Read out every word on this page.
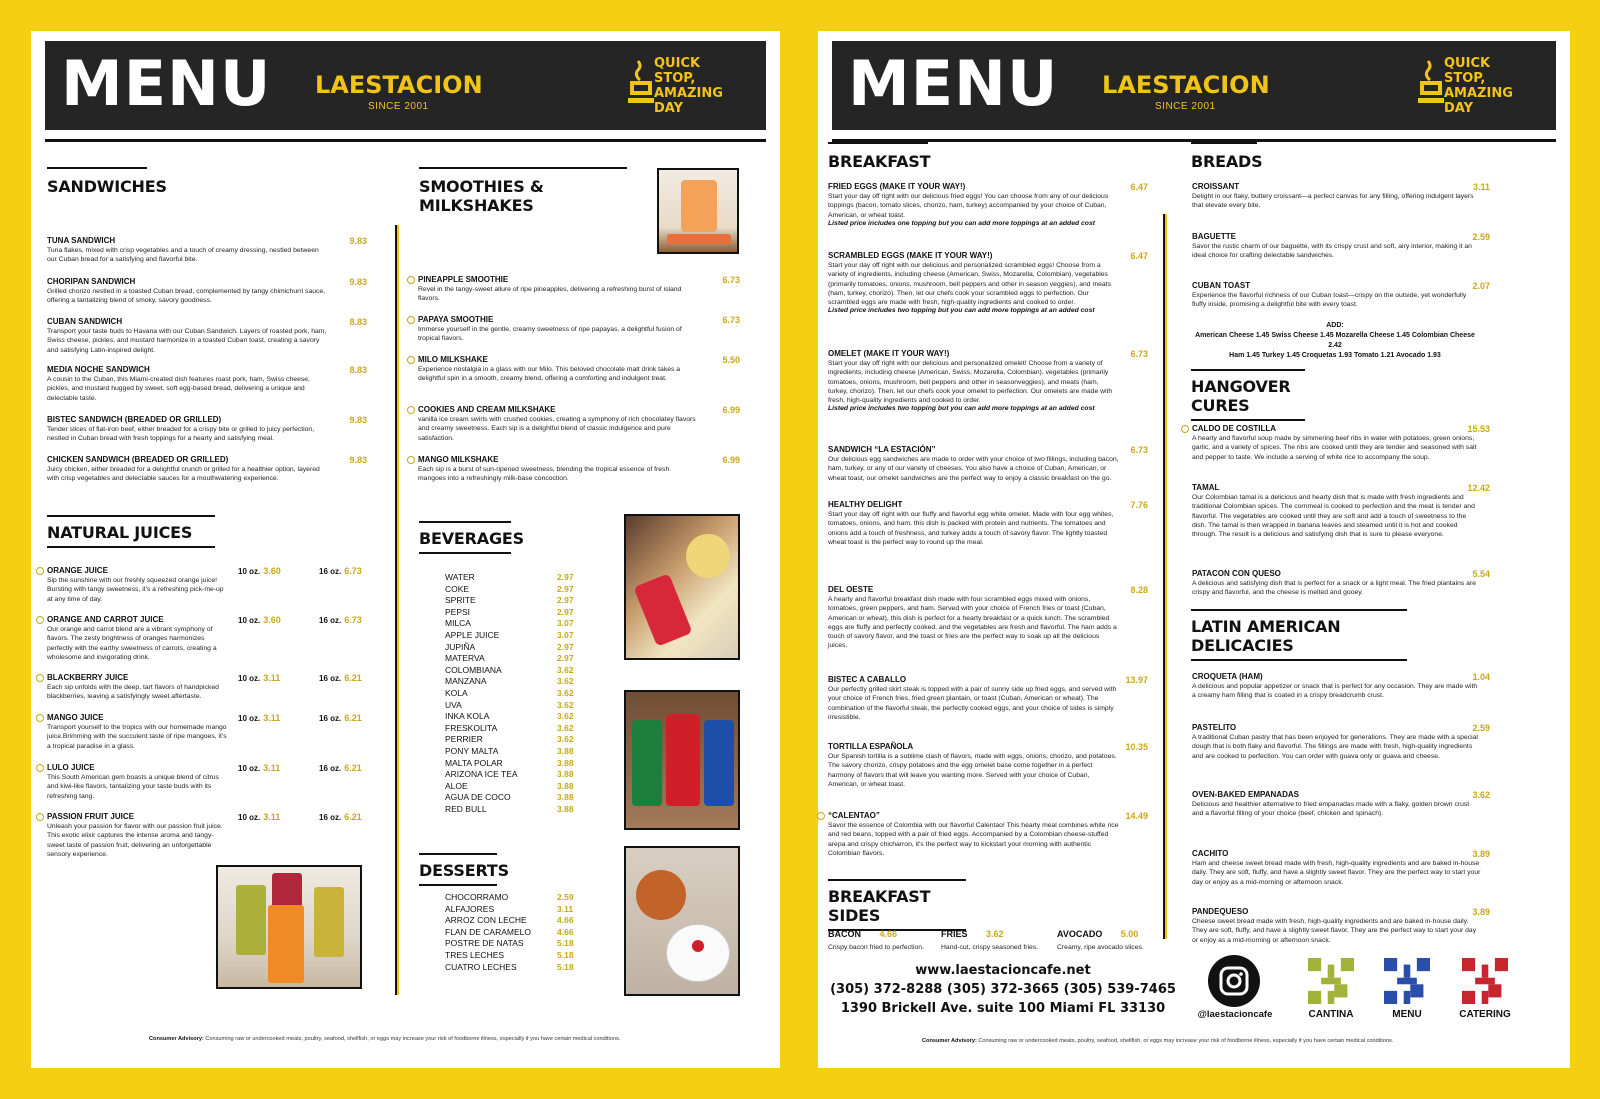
MENU LAESTACION
SINCE 2001
QUICK
STOP,
AMAZING
DAY
SANDWICHES
NATURAL JUICES
SMOOTHIES & MILKSHAKES
BEVERAGES
WATER	2.97
COKE	2.97
SPRITE	2.97
PEPSI	2.97
MILCA	3.07
APPLE JUICE	3.07
JUPIÑA	2.97
MATERVA	2.97
COLOMBIANA	3.62
MANZANA	3.62
KOLA	3.62
UVA	3.62
INKA KOLA	3.62
FRESKOLITA	3.62
PERRIER	3.62
PONY MALTA	3.88
MALTA POLAR	3.88
ARIZONA ICE TEA	3.88
ALOE	3.88
AGUA DE COCO	3.88
RED BULL	3.88
DESSERTS
CHOCORRAMO	2.59
ALFAJORES	3.11
ARROZ CON LECHE	4.66
FLAN DE CARAMELO	4.66
POSTRE DE NATAS	5.18
TRES LECHES	5.18
CUATRO LECHES	5.18
Consumer Advisory: Consuming raw or undercooked meats, poultry, seafood, shellfish, or eggs may increase your risk of foodborne illness, especially if you have certain medical conditions.
TUNA SANDWICH	9.83
Tuna flakes, mixed with crisp vegetables and a touch of creamy dressing, nestled between our Cuban bread for a satisfying and flavorful bite.
CHORIPAN SANDWICH	9.83
Grilled chorizo nestled in a toasted Cuban bread, complemented by tangy chimichurri sauce, offering a tantalizing blend of smoky, savory goodness.
CUBAN SANDWICH	8.83
Transport your taste buds to Havana with our Cuban Sandwich. Layers of roasted pork, ham, Swiss cheese, pickles, and mustard harmonize in a toasted Cuban toast, creating a savory and satisfying Latin-inspired delight.
MEDIA NOCHE SANDWICH	8.83
A cousin to the Cuban, this Miami-created dish features roast pork, ham, Swiss cheese, pickles, and mustard hugged by sweet, soft egg-based bread, delivering a unique and delectable taste.
BISTEC SANDWICH (BREADED OR GRILLED)	9.83
Tender slices of flat-iron beef, either breaded for a crispy bite or grilled to juicy perfection, nestled in Cuban bread with fresh toppings for a hearty and satisfying meal.
CHICKEN SANDWICH (BREADED OR GRILLED)	9.83
Juicy chicken, either breaded for a delightful crunch or grilled for a healthier option, layered with crisp vegetables and delectable sauces for a mouthwatering experience.
ORANGE JUICE
Sip the sunshine with our freshly squeezed orange juice! Bursting with tangy sweetness, it's a refreshing pick-me-up at any time of day.
10 oz. 3.60	16 oz. 6.73
ORANGE AND CARROT JUICE
Our orange and carrot blend are a vibrant symphony of flavors. The zesty brightness of oranges harmonizes perfectly with the earthy sweetness of carrots, creating a wholesome and invigorating drink.
10 oz. 3.60	16 oz. 6.73
BLACKBERRY JUICE
Each sip unfolds with the deep, tart flavors of handpicked blackberries, leaving a satisfyingly sweet aftertaste.
10 oz. 3.11	16 oz. 6.21
MANGO JUICE
Transport yourself to the tropics with our homemade mango juice.Brimming with the succulent taste of ripe mangoes, it's a tropical paradise in a glass.
10 oz. 3.11	16 oz. 6.21
LULO JUICE
This South American gem boasts a unique blend of citrus and kiwi-like flavors, tantalizing your taste buds with its refreshing tang.
10 oz. 3.11	16 oz. 6.21
PASSION FRUIT JUICE
Unleash your passion for flavor with our passion fruit juice. This exotic elixir captures the intense aroma and tangy-sweet taste of passion fruit, delivering an unforgettable sensory experience.
10 oz. 3.11	16 oz. 6.21
PINEAPPLE SMOOTHIE	6.73
Revel in the tangy-sweet allure of ripe pineapples, delivering a refreshing burst of island flavors.
PAPAYA SMOOTHIE	6.73
Immerse yourself in the gentle, creamy sweetness of ripe papayas, a delightful fusion of tropical flavors.
MILO MILKSHAKE	5.50
Experience nostalgia in a glass with our Milo. This beloved chocolate malt drink takes a delightful spin in a smooth, creamy blend, offering a comforting and indulgent treat.
COOKIES AND CREAM MILKSHAKE	6.99
vanilla ice cream swirls with crushed cookies, creating a symphony of rich chocolatey flavors and creamy sweetness. Each sip is a delightful blend of classic indulgence and pure satisfaction.
MANGO MILKSHAKE	6.99
Each sip is a burst of sun-ripened sweetness, blending the tropical essence of fresh mangoes into a refreshingly milk-base concoction.
MENU LAESTACION
SINCE 2001
QUICK
STOP,
AMAZING
DAY
BREAKFAST
BREAKFAST SIDES
www.laestacioncafe.net
(305) 372-8288 (305) 372-3665 (305) 539-7465
1390 Brickell Ave. suite 100 Miami FL 33130
BREADS
ADD:
American Cheese 1.45 Swiss Cheese 1.45 Mozarella Cheese 1.45 Colombian Cheese 2.42
Ham 1.45 Turkey 1.45 Croquetas 1.93 Tomato 1.21 Avocado 1.93
HANGOVER CURES
LATIN AMERICAN DELICACIES
@laestacioncafe	CANTINA	MENU	CATERING
Consumer Advisory: Consuming raw or undercooked meats, poultry, seafood, shellfish, or eggs may increase your risk of foodborne illness, especially if you have certain medical conditions.
FRIED EGGS (MAKE IT YOUR WAY!)	6.47
Start your day off right with our delicious fried eggs! You can choose from any of our delicious toppings (bacon, tomato slices, chorizo, ham, turkey) accompanied by your choice of Cuban, American, or wheat toast.
Listed price includes one topping but you can add more toppings at an added cost
SCRAMBLED EGGS (MAKE IT YOUR WAY!)	6.47
Start your day off right with our delicious and personalized scrambled eggs! Choose from a variety of ingredients, including cheese (American, Swiss, Mozarella, Colombian), vegetables (primarily tomatoes, onions, mushroom, bell peppers and other in season veggies), and meats (ham, turkey, chorizo). Then, let our chefs cook your scrambled eggs to perfection. Our scrambled eggs are made with fresh, high-quality ingredients and cooked to order.
Listed price includes two topping but you can add more toppings at an added cost
OMELET (MAKE IT YOUR WAY!)	6.73
Start your day off right with our delicious and personalized omelet! Choose from a variety of ingredients, including cheese (American, Swiss, Mozarella, Colombian), vegetables (primarily tomatoes, onions, mushroom, bell peppers and other in seasonveggies), and meats (ham, turkey, chorizo). Then, let our chefs cook your omelet to perfection. Our omelets are made with fresh, high-quality ingredients and cooked to order.
Listed price includes two topping but you can add more toppings at an added cost
SANDWICH “LA ESTACIÓN”	6.73
Our delicious egg sandwiches are made to order with your choice of two fillings, including bacon, ham, turkey, or any of our variety of cheeses. You also have a choice of Cuban, American, or wheat toast, our omelet sandwiches are the perfect way to enjoy a classic breakfast on the go.
HEALTHY DELIGHT	7.76
Start your day off right with our fluffy and flavorful egg white omelet. Made with four egg whites, tomatoes, onions, and ham, this dish is packed with protein and nutrients. The tomatoes and onions add a touch of freshness, and turkey adds a touch of savory flavor. The lightly toasted wheat toast is the perfect way to round up the meal.
DEL OESTE	8.28
A hearty and flavorful breakfast dish made with four scrambled eggs mixed with onions, tomatoes, green peppers, and ham. Served with your choice of French fries or toast (Cuban, American or wheat), this dish is perfect for a hearty breakfast or a quick lunch. The scrambled eggs are fluffy and perfectly cooked, and the vegetables are fresh and flavorful. The ham adds a touch of savory flavor, and the toast or fries are the perfect way to soak up all the delicious juices.
BISTEC A CABALLO	13.97
Our perfectly grilled skirt steak is topped with a pair of sunny side up fried eggs, and served with your choice of French fries, fried green plantain, or toast (Cuban, American or wheat). The combination of the flavorful steak, the perfectly cooked eggs, and your choice of sides is simply irresistible.
TORTILLA ESPAÑOLA	10.35
Our Spanish tortilla is a sublime clash of flavors, made with eggs, onions, chorizo, and potatoes. The savory chorizo, crispy potatoes and the egg omelet base come together in a perfect harmony of flavors that will leave you wanting more. Served with your choice of Cuban, American, or wheat toast.
“CALENTAO”	14.49
Savor the essence of Colombia with our flavorful Calentao! This hearty meal combines white rice and red beans, topped with a pair of fried eggs. Accompanied by a Colombian cheese-stuffed arepa and crispy chicharron, it's the perfect way to kickstart your morning with authentic Colombian flavors.
BACON 4.66
Crispy bacon fried to perfection.
FRIES 3.62
Hand-cut, crispy seasoned fries.
AVOCADO 5.00
Creamy, ripe avocado slices.
CROISSANT	3.11
Delight in our flaky, buttery croissant—a perfect canvas for any filling, offering indulgent layers that elevate every bite.
BAGUETTE	2.59
Savor the rustic charm of our baguette, with its crispy crust and soft, airy interior, making it an ideal choice for crafting delectable sandwiches.
CUBAN TOAST	2.07
Experience the flavorful richness of our Cuban toast—crispy on the outside, yet wonderfully fluffy inside, promising a delightful bite with every toast.
CALDO DE COSTILLA	15.53
A hearty and flavorful soup made by simmering beef ribs in water with potatoes, green onions, garlic, and a variety of spices. The ribs are cooked until they are tender and seasoned with salt and pepper to taste. We include a serving of white rice to accompany the soup.
TAMAL	12.42
Our Colombian tamal is a delicious and hearty dish that is made with fresh ingredients and traditional Colombian spices. The cornmeal is cooked to perfection and the meat is tender and flavorful. The vegetables are cooked until they are soft and add a touch of sweetness to the dish. The tamal is then wrapped in banana leaves and steamed until it is hot and cooked through. The result is a delicious and satisfying dish that is sure to please everyone.
PATACON CON QUESO	5.54
A delicious and satisfying dish that is perfect for a snack or a light meal. The fried plantains are crispy and flavorful, and the cheese is melted and gooey.
CROQUETA (HAM)	1.04
A delicious and popular appetizer or snack that is perfect for any occasion. They are made with a creamy ham filling that is coated in a crispy breadcrumb crust.
PASTELITO	2.59
A traditional Cuban pastry that has been enjoyed for generations. They are made with a special dough that is both flaky and flavorful. The fillings are made with fresh, high-quality ingredients and are cooked to perfection. You can order with guava only or guava and cheese.
OVEN-BAKED EMPANADAS	3.62
Delicious and healthier alternative to fried empanadas made with a flaky, golden brown crust and a flavorful filling of your choice (beef, chicken and spinach).
CACHITO	3.89
Ham and cheese sweet bread made with fresh, high-quality ingredients and are baked in-house daily. They are soft, fluffy, and have a slightly sweet flavor. They are the perfect way to start your day or enjoy as a mid-morning or afternoon snack.
PANDEQUESO	3.89
Cheese sweet bread made with fresh, high-quality ingredients and are baked in-house daily. They are soft, fluffy, and have a slightly sweet flavor. They are the perfect way to start your day or enjoy as a mid-morning or afternoon snack.
